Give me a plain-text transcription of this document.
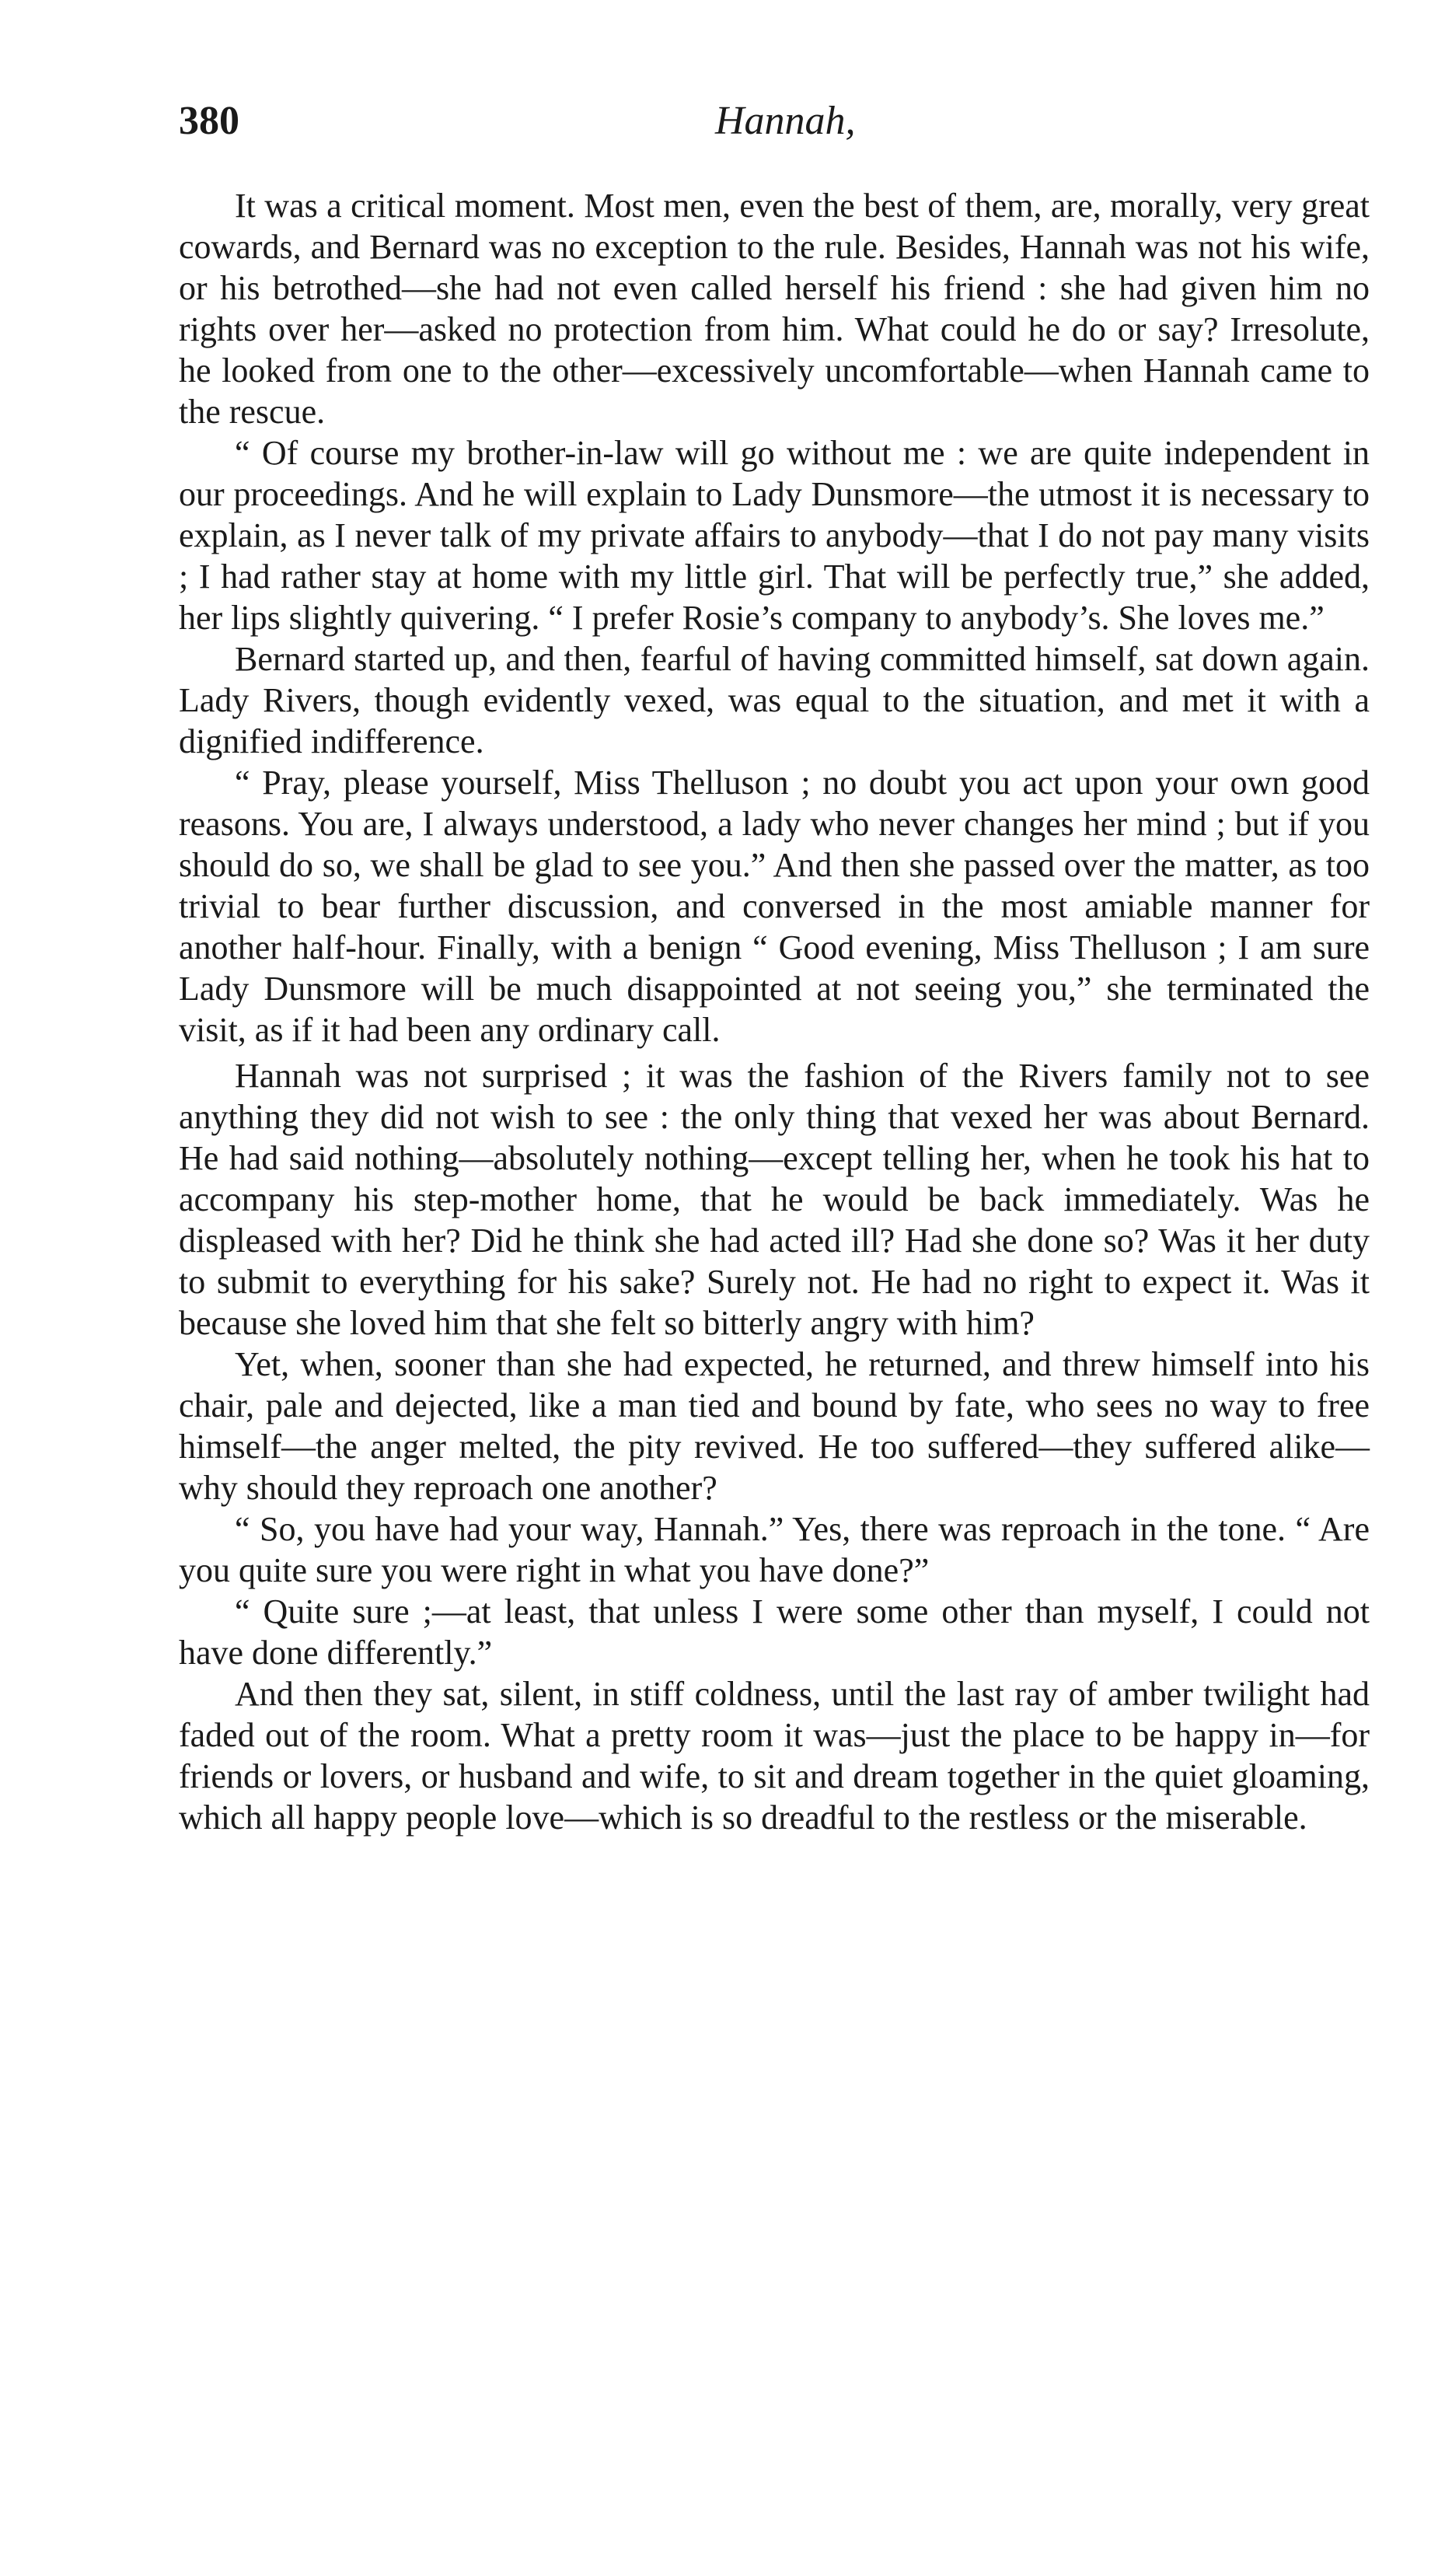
380	Hannah,

It was a critical moment. Most men, even the best of them, are, morally, very great cowards, and Bernard was no exception to the rule. Besides, Hannah was not his wife, or his betrothed—she had not even called herself his friend : she had given him no rights over her—asked no protection from him. What could he do or say? Irresolute, he looked from one to the other—excessively uncomfortable—when Hannah came to the rescue.

“ Of course my brother-in-law will go without me : we are quite independent in our proceedings. And he will explain to Lady Dunsmore—the utmost it is necessary to explain, as I never talk of my private affairs to anybody—that I do not pay many visits ; I had rather stay at home with my little girl. That will be perfectly true,” she added, her lips slightly quivering. “ I prefer Rosie’s company to anybody’s. She loves me.”

Bernard started up, and then, fearful of having committed himself, sat down again. Lady Rivers, though evidently vexed, was equal to the situation, and met it with a dignified indifference.

“ Pray, please yourself, Miss Thelluson ; no doubt you act upon your own good reasons. You are, I always understood, a lady who never changes her mind ; but if you should do so, we shall be glad to see you.” And then she passed over the matter, as too trivial to bear further discussion, and conversed in the most amiable manner for another half-hour. Finally, with a benign “ Good evening, Miss Thelluson ; I am sure Lady Dunsmore will be much disappointed at not seeing you,” she terminated the visit, as if it had been any ordinary call.

Hannah was not surprised ; it was the fashion of the Rivers family not to see anything they did not wish to see : the only thing that vexed her was about Bernard. He had said nothing—absolutely nothing—except telling her, when he took his hat to accompany his step-mother home, that he would be back immediately. Was he displeased with her? Did he think she had acted ill? Had she done so? Was it her duty to submit to everything for his sake? Surely not. He had no right to expect it. Was it because she loved him that she felt so bitterly angry with him?

Yet, when, sooner than she had expected, he returned, and threw himself into his chair, pale and dejected, like a man tied and bound by fate, who sees no way to free himself—the anger melted, the pity revived. He too suffered—they suffered alike—why should they reproach one another?

“ So, you have had your way, Hannah.” Yes, there was reproach in the tone. “ Are you quite sure you were right in what you have done?”

“ Quite sure ;—at least, that unless I were some other than myself, I could not have done differently.”

And then they sat, silent, in stiff coldness, until the last ray of amber twilight had faded out of the room. What a pretty room it was—just the place to be happy in—for friends or lovers, or husband and wife, to sit and dream together in the quiet gloaming, which all happy people love—which is so dreadful to the restless or the miserable.
